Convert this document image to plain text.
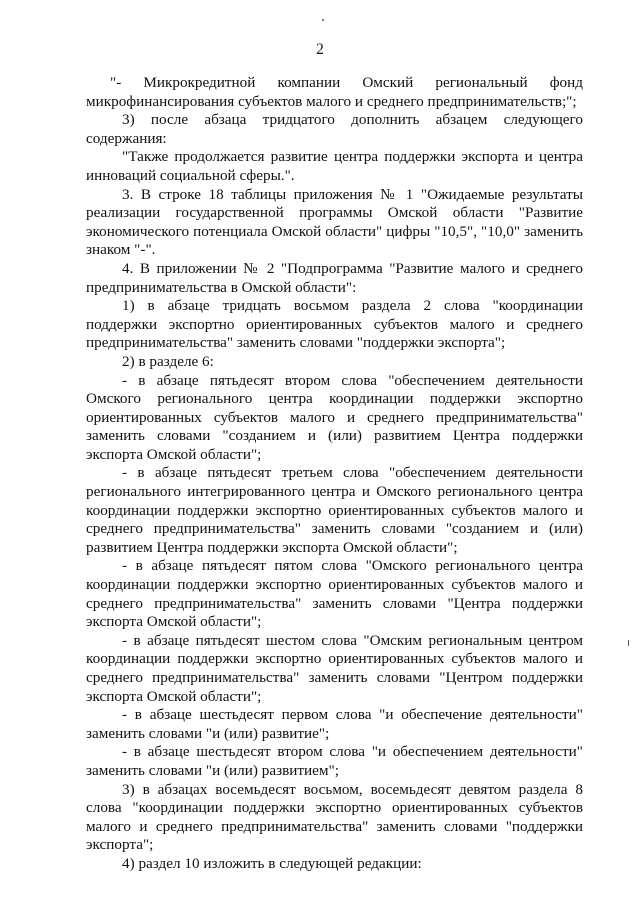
2

"- Микрокредитной компании Омский региональный фонд микрофинансирования субъектов малого и среднего предпринимательств;";

3) после абзаца тридцатого дополнить абзацем следующего содержания:

"Также продолжается развитие центра поддержки экспорта и центра инноваций социальной сферы.".

3. В строке 18 таблицы приложения № 1 "Ожидаемые результаты реализации государственной программы Омской области "Развитие экономического потенциала Омской области" цифры "10,5", "10,0" заменить знаком "-".

4. В приложении № 2 "Подпрограмма "Развитие малого и среднего предпринимательства в Омской области":

1) в абзаце тридцать восьмом раздела 2 слова "координации поддержки экспортно ориентированных субъектов малого и среднего предпринимательства" заменить словами "поддержки экспорта";

2) в разделе 6:

- в абзаце пятьдесят втором слова "обеспечением деятельности Омского регионального центра координации поддержки экспортно ориентированных субъектов малого и среднего предпринимательства" заменить словами "созданием и (или) развитием Центра поддержки экспорта Омской области";

- в абзаце пятьдесят третьем слова "обеспечением деятельности регионального интегрированного центра и Омского регионального центра координации поддержки экспортно ориентированных субъектов малого и среднего предпринимательства" заменить словами "созданием и (или) развитием Центра поддержки экспорта Омской области";

- в абзаце пятьдесят пятом слова "Омского регионального центра координации поддержки экспортно ориентированных субъектов малого и среднего предпринимательства" заменить словами "Центра поддержки экспорта Омской области";

- в абзаце пятьдесят шестом слова "Омским региональным центром координации поддержки экспортно ориентированных субъектов малого и среднего предпринимательства" заменить словами "Центром поддержки экспорта Омской области";

- в абзаце шестьдесят первом слова "и обеспечение деятельности" заменить словами "и (или) развитие";

- в абзаце шестьдесят втором слова "и обеспечением деятельности" заменить словами "и (или) развитием";

3) в абзацах восемьдесят восьмом, восемьдесят девятом раздела 8 слова "координации поддержки экспортно ориентированных субъектов малого и среднего предпринимательства" заменить словами "поддержки экспорта";

4) раздел 10 изложить в следующей редакции:
